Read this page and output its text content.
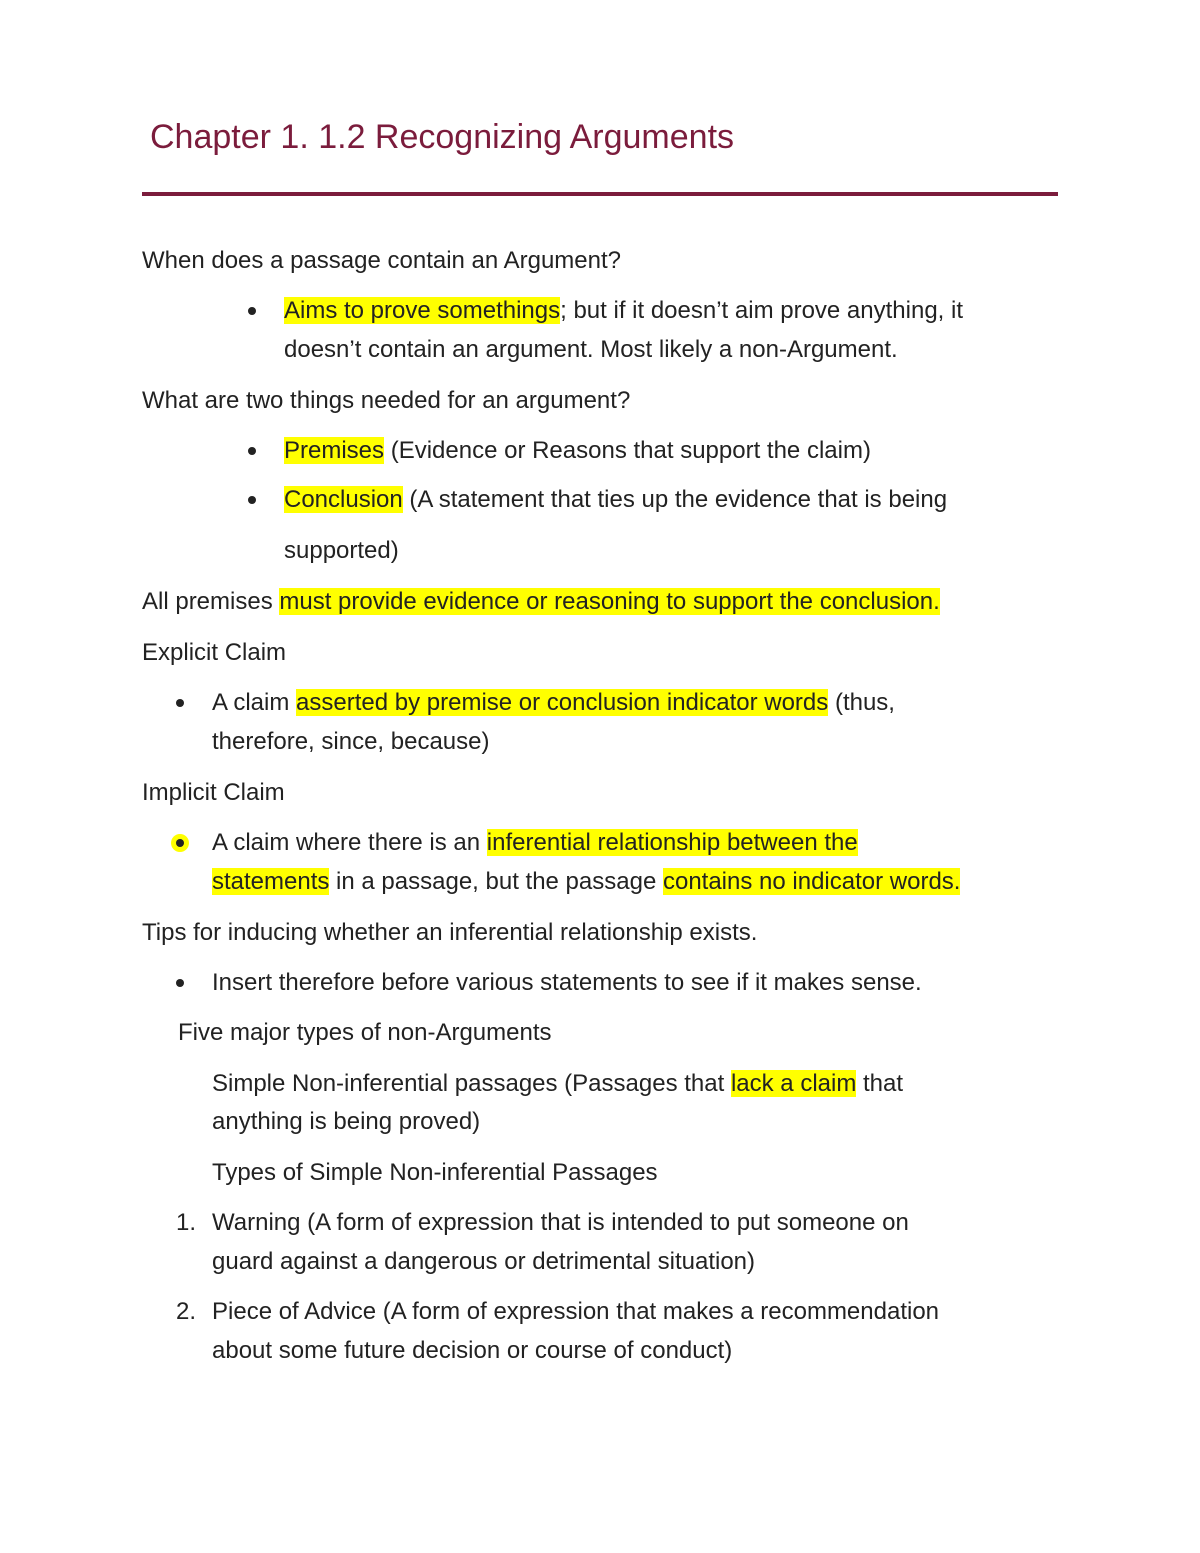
Chapter 1. 1.2 Recognizing Arguments

When does a passage contain an Argument?

Aims to prove somethings; but if it doesn’t aim prove anything, it

doesn’t contain an argument. Most likely a non-Argument.

What are two things needed for an argument?

Premises (Evidence or Reasons that support the claim)

Conclusion (A statement that ties up the evidence that is being

supported)

All premises must provide evidence or reasoning to support the conclusion.

Explicit Claim

A claim asserted by premise or conclusion indicator words (thus,

therefore, since, because)

Implicit Claim

A claim where there is an inferential relationship between the

statements in a passage, but the passage contains no indicator words.

Tips for inducing whether an inferential relationship exists.

Insert therefore before various statements to see if it makes sense.

Five major types of non-Arguments

Simple Non-inferential passages (Passages that lack a claim that

anything is being proved)

Types of Simple Non-inferential Passages

1. Warning (A form of expression that is intended to put someone on

guard against a dangerous or detrimental situation)

2. Piece of Advice (A form of expression that makes a recommendation

about some future decision or course of conduct)
